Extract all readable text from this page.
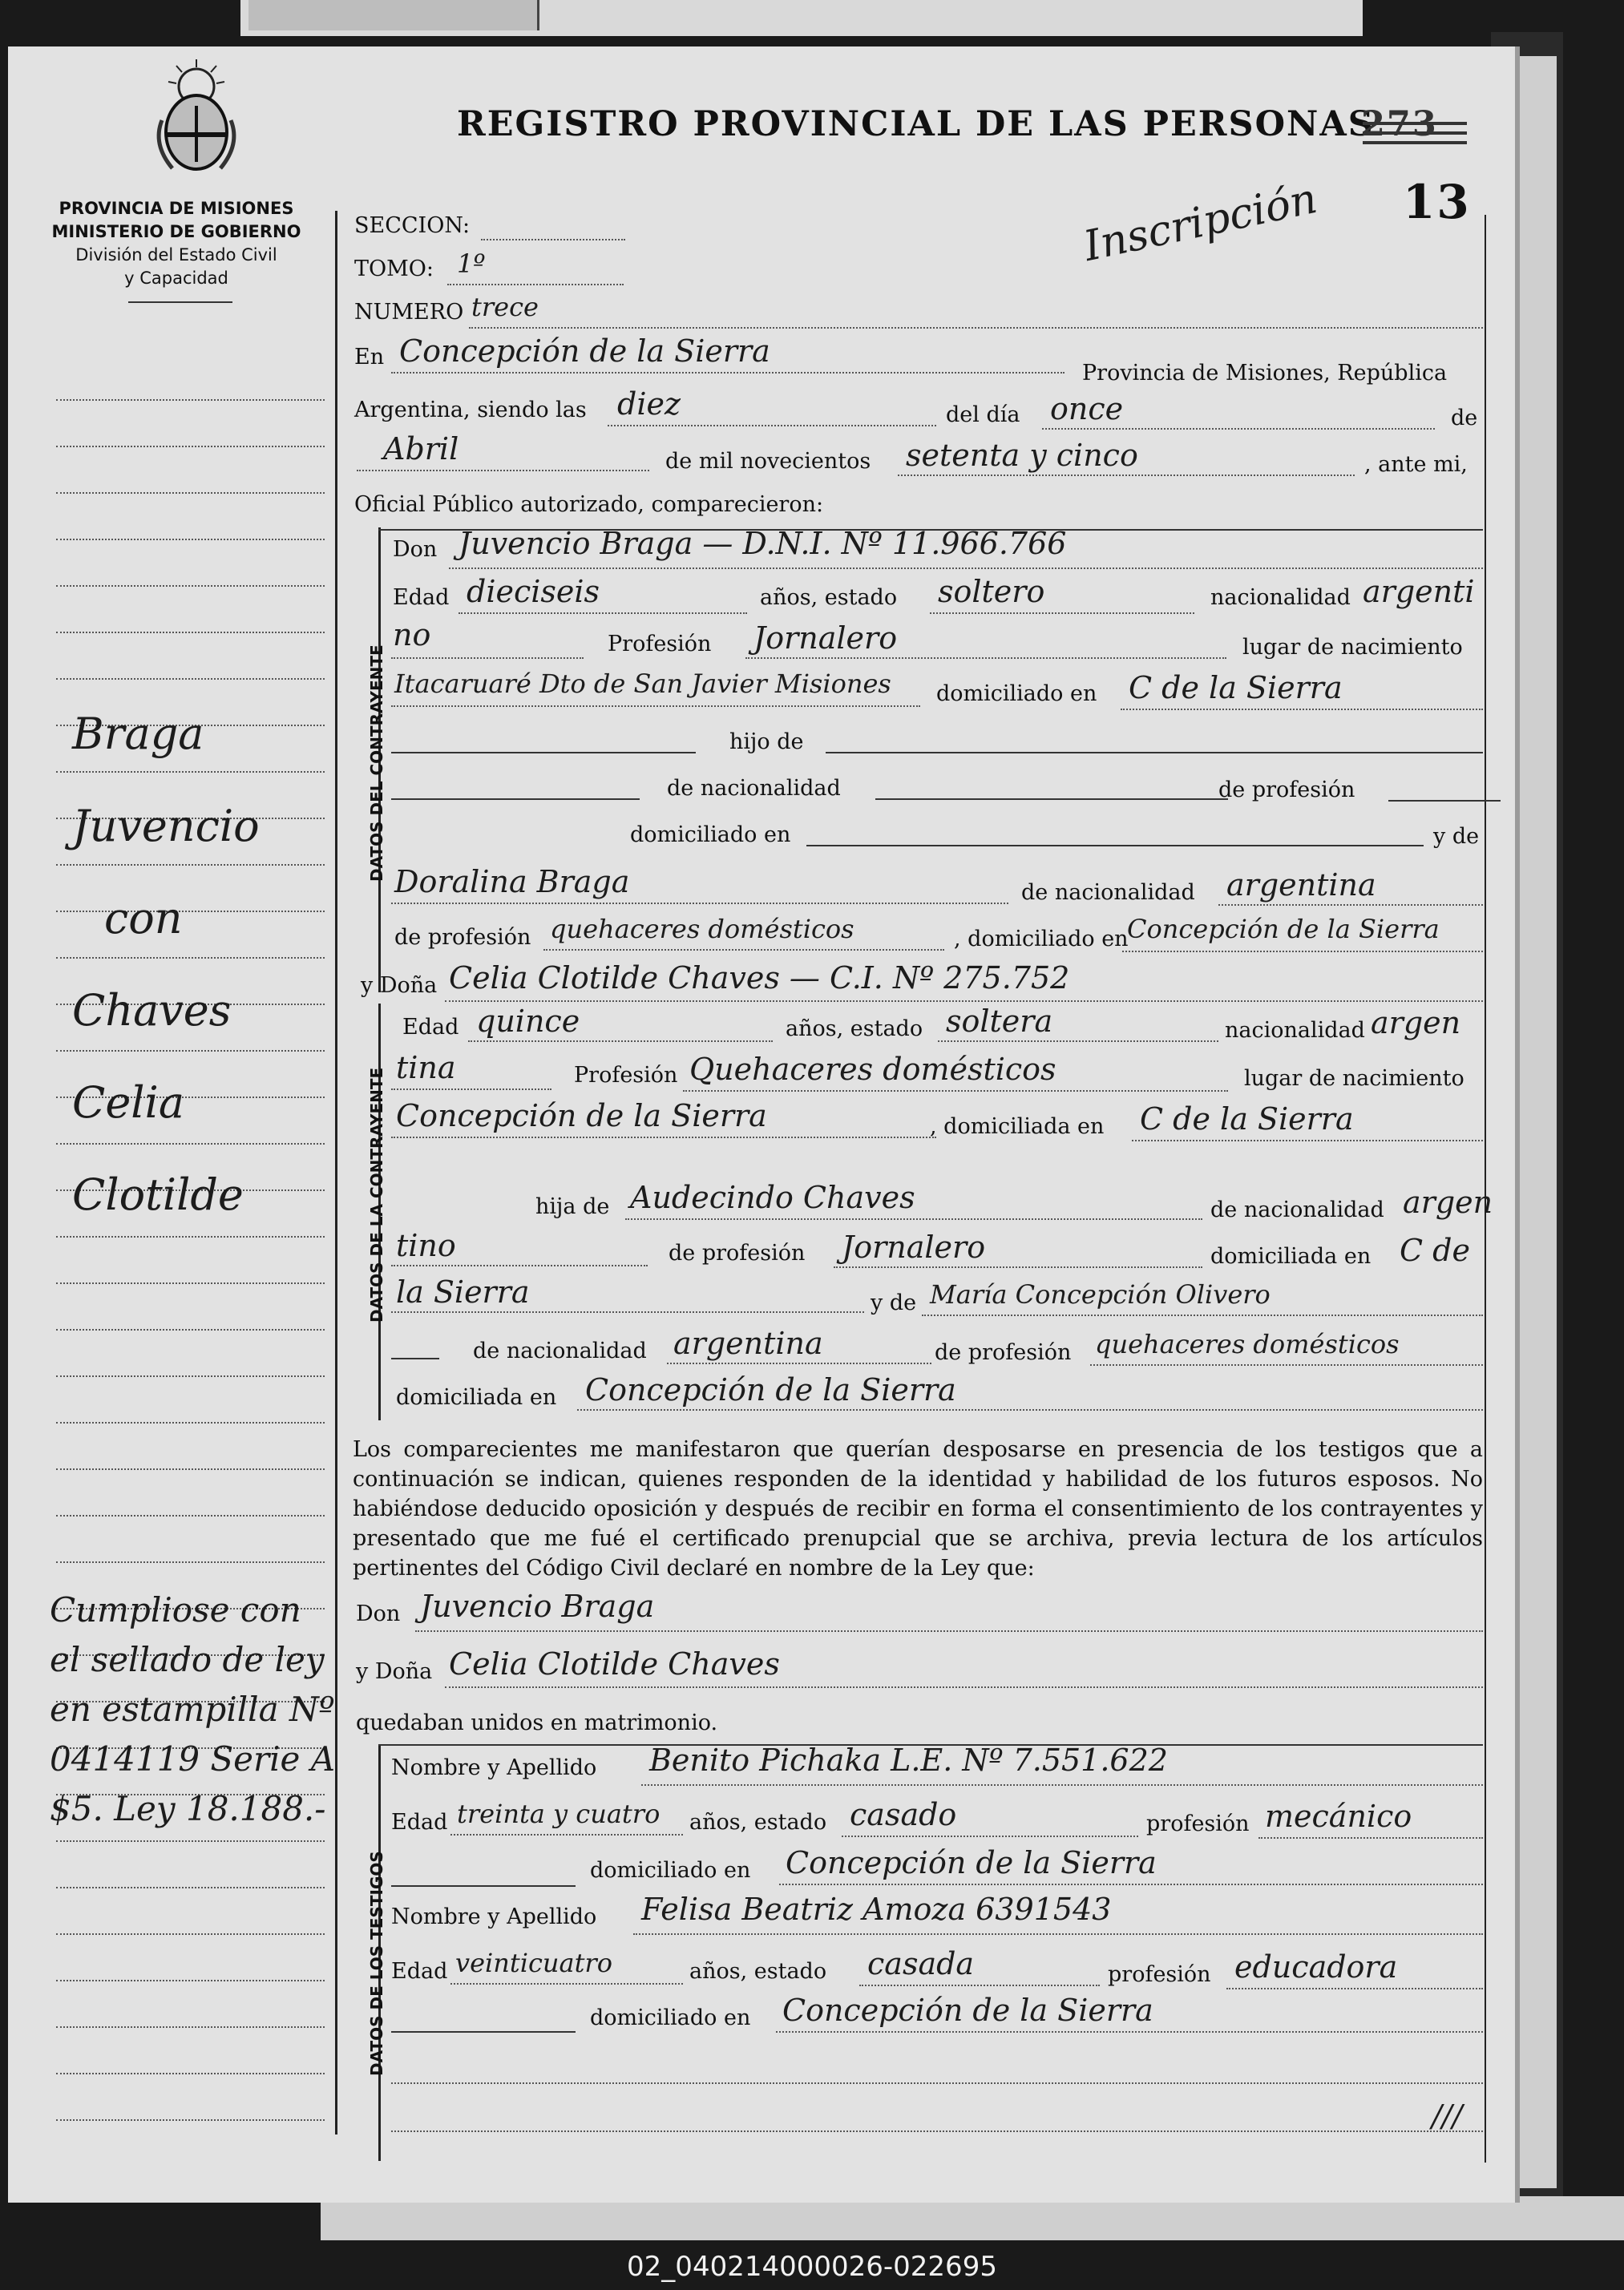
PROVINCIA DE MISIONES
MINISTERIO DE GOBIERNO
División del Estado Civil
y Capacidad
REGISTRO PROVINCIAL DE LAS PERSONAS
273
13
Inscripción
Braga
Juvencio
con
Chaves
Celia
Clotilde
Cumpliose con
el sellado de ley
en estampilla Nº
0414119 Serie A
$5. Ley 18.188.-
SECCION:
TOMO: 1º
NUMERO trece
En Concepción de la Sierra
Provincia de Misiones, República
Argentina, siendo las diez	del día once	de
Abril	de mil novecientos setenta y cinco	, ante mi,
Oficial Público autorizado, comparecieron:
DATOS DEL CONTRAYENTE
Don Juvencio Braga — D.N.I. Nº 11.966.766
Edad dieciseis	años, estado soltero	nacionalidad argenti
no	Profesión Jornalero	lugar de nacimiento
Itacaruaré Dto de San Javier Misiones domiciliado en C de la Sierra
hijo de
de nacionalidad	de profesión
domiciliado en	y de
Doralina Braga	de nacionalidad argentina
de profesión quehaceres domésticos	, domiciliado en
Concepción de la Sierra
y Doña Celia Clotilde Chaves — C.I. Nº 275.752
DATOS DE LA CONTRAYENTE
Edad quince	años, estado soltera	nacionalidad argen
tina	Profesión Quehaceres domésticos	lugar de nacimiento
Concepción de la Sierra	, domiciliada en C de la Sierra
hija de Audecindo Chaves	de nacionalidad argen
tino	de profesión Jornalero	domiciliada en C de
la Sierra	y de María Concepción Olivero
de nacionalidad argentina	de profesión quehaceres domésticos
domiciliada en Concepción de la Sierra
Los comparecientes me manifestaron que querían desposarse en presencia de los testigos que a continuación se indican, quienes responden de la identidad y habilidad de los futuros esposos. No habiéndose deducido oposición y después de recibir en forma el consentimiento de los contrayentes y presentado que me fué el certificado prenupcial que se archiva, previa lectura de los artículos pertinentes del Código Civil declaré en nombre de la Ley que:
Don Juvencio Braga
y Doña Celia Clotilde Chaves
quedaban unidos en matrimonio.
DATOS DE LOS TESTIGOS
Nombre y Apellido Benito Pichaka L.E. Nº 7.551.622
Edad treinta y cuatro años, estado casado	profesión mecánico
domiciliado en Concepción de la Sierra
Nombre y Apellido Felisa Beatriz Amoza 6391543
Edad veinticuatro	años, estado casada	profesión educadora
domiciliado en Concepción de la Sierra
///
02_040214000026-022695
